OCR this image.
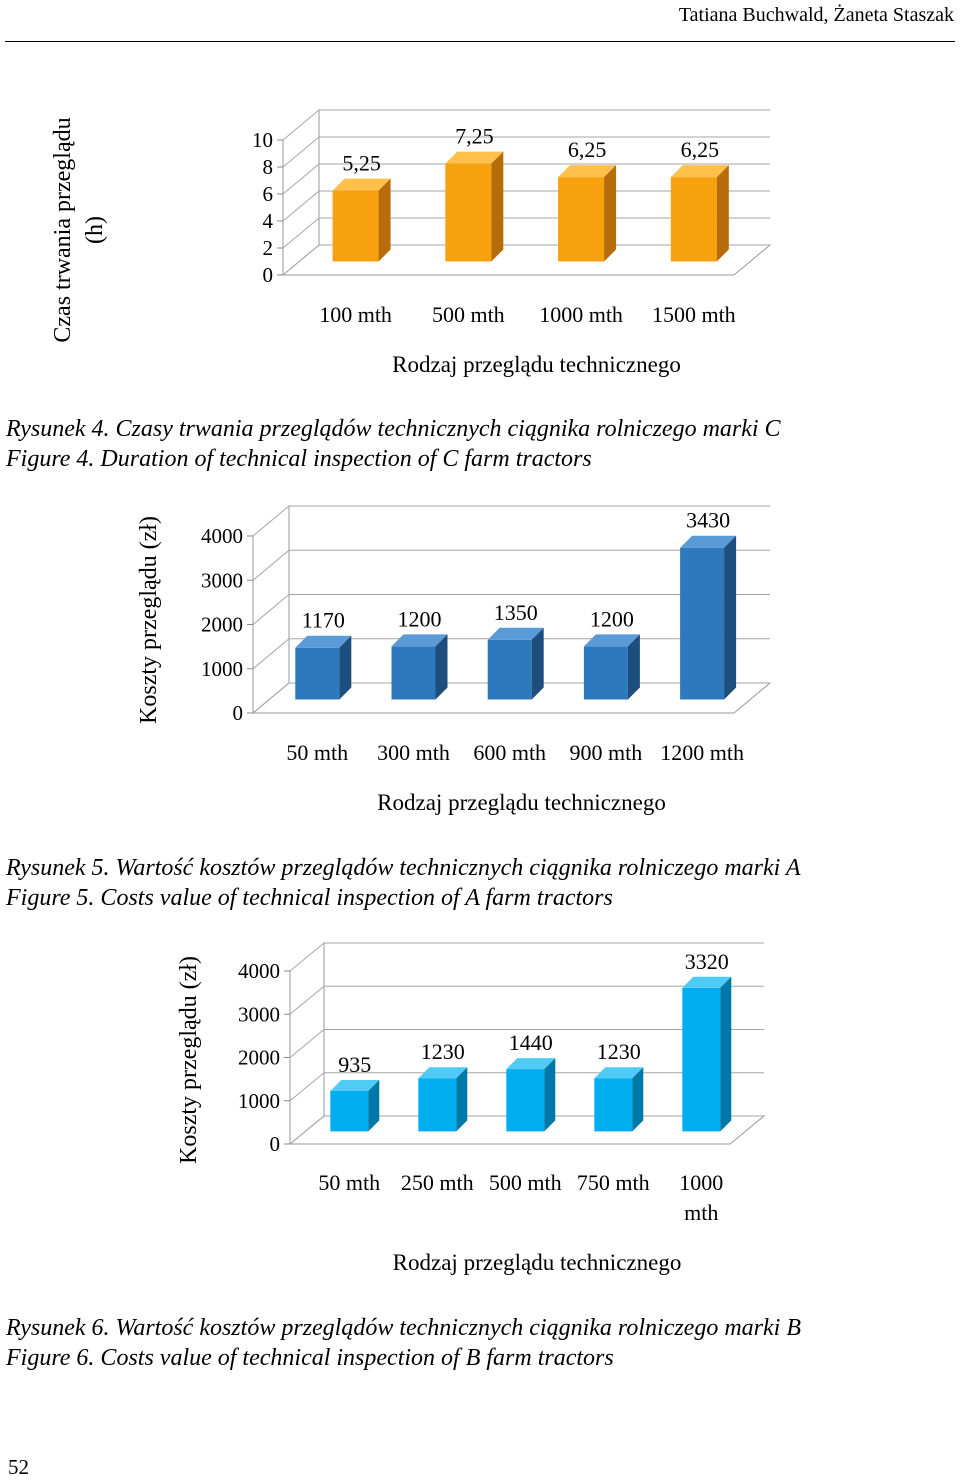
Tatiana Buchwald, Żaneta Staszak
0
2
4
6
8
10
5,25
7,25
6,25	6,25
100 mth 500 mth 1000 mth 1500 mth
Rodzaj przeglądu technicznego
Czas trwania przeglądu (h)
Rysunek 4. Czasy trwania przeglądów technicznych ciągnika rolniczego marki C
Figure 4. Duration of technical inspection of C farm tractors
0
1000
2000
3000
4000
1170 1200 1350 1200
3430
50 mth 300 mth 600 mth 900 mth 1200 mth
Rodzaj przeglądu technicznego
Koszty przeglądu (zł)
Rysunek 5. Wartość kosztów przeglądów technicznych ciągnika rolniczego marki A
Figure 5. Costs value of technical inspection of A farm tractors
0
1000
2000
3000
4000
935
1230 1440 1230
3320
50 mth 250 mth 500 mth 750 mth 1000
mth
Rodzaj przeglądu technicznego
Koszty przeglądu (zł)
Rysunek 6. Wartość kosztów przeglądów technicznych ciągnika rolniczego marki B
Figure 6. Costs value of technical inspection of B farm tractors
52
